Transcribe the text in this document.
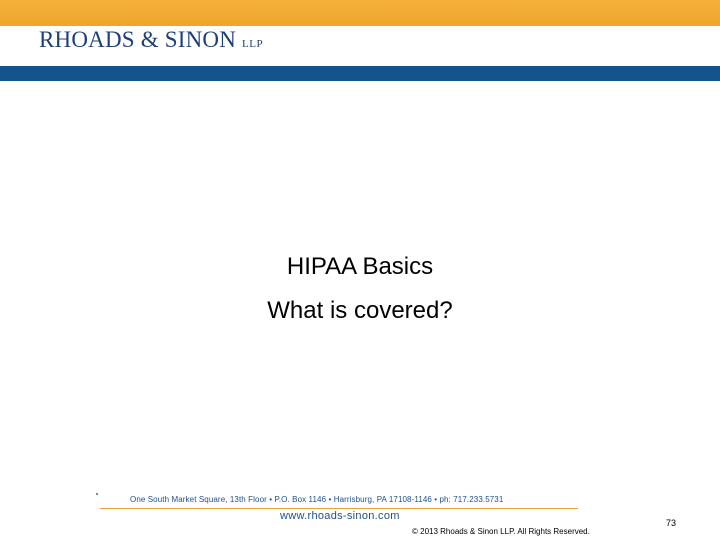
RHOADS & SINON LLP
HIPAA Basics
What is covered?
One South Market Square, 13th Floor • P.O. Box 1146 • Harrisburg, PA 17108-1146 • ph: 717.233.5731
www.rhoads-sinon.com
© 2013 Rhoads & Sinon LLP. All Rights Reserved.
73
